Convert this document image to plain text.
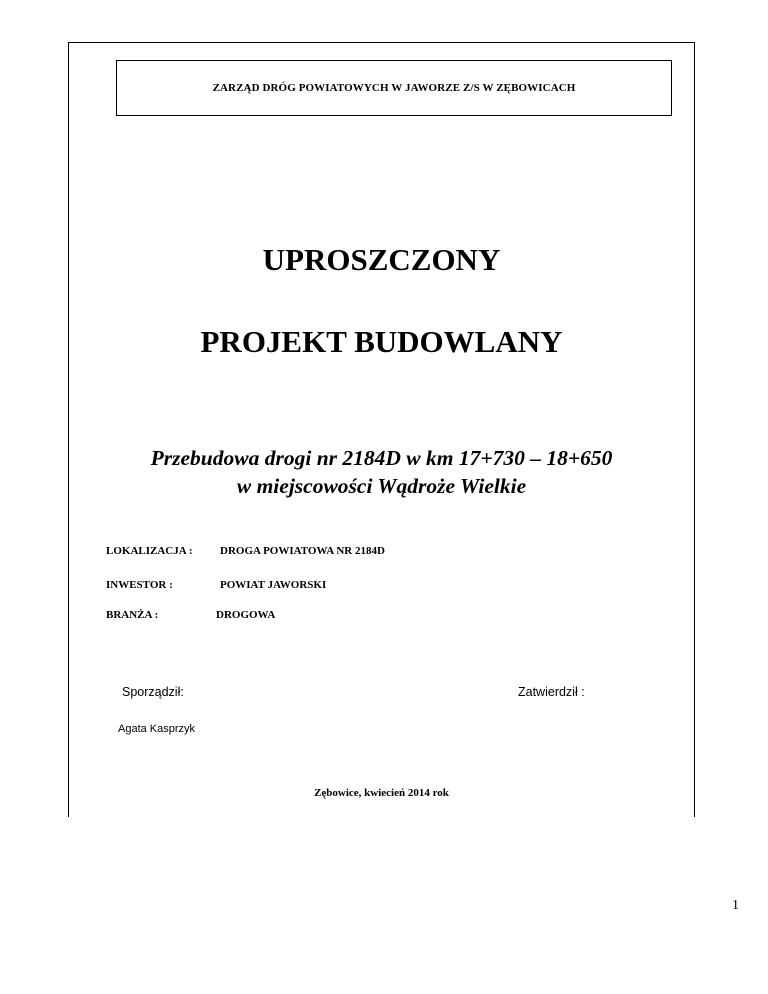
ZARZĄD DRÓG POWIATOWYCH W JAWORZE Z/S W ZĘBOWICACH
UPROSZCZONY
PROJEKT BUDOWLANY
Przebudowa drogi nr 2184D w km 17+730 – 18+650
w miejscowości Wądroże Wielkie
LOKALIZACJA :	DROGA POWIATOWA NR 2184D
INWESTOR :	POWIAT JAWORSKI
BRANŻA :	DROGOWA
Sporządził:	Zatwierdził :
Agata Kasprzyk
Zębowice, kwiecień 2014 rok
1
